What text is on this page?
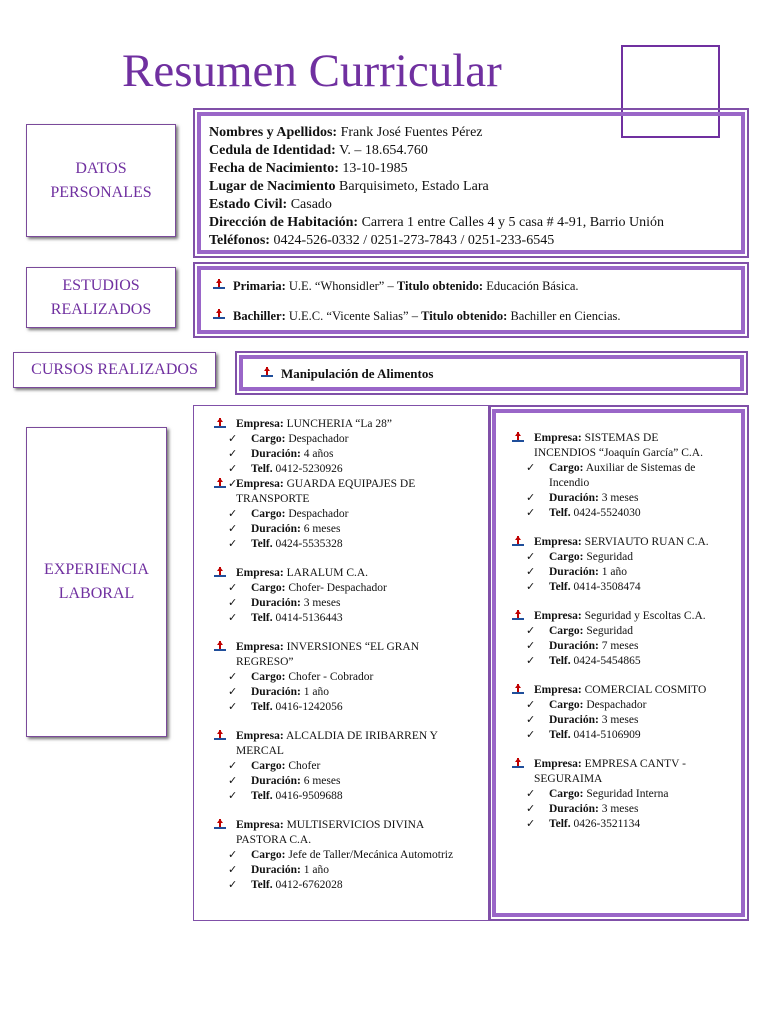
Resumen Curricular
DATOS
PERSONALES
Nombres y Apellidos: Frank José Fuentes Pérez
Cedula de Identidad: V. – 18.654.760
Fecha de Nacimiento: 13-10-1985
Lugar de Nacimiento Barquisimeto, Estado Lara
Estado Civil: Casado
Dirección de Habitación: Carrera 1 entre Calles 4 y 5 casa # 4-91, Barrio Unión
Teléfonos: 0424-526-0332 / 0251-273-7843 / 0251-233-6545
ESTUDIOS
REALIZADOS
Primaria: U.E. “Whonsidler” – Titulo obtenido: Educación Básica.
Bachiller: U.E.C. “Vicente Salias” – Titulo obtenido: Bachiller en Ciencias.
CURSOS REALIZADOS	Manipulación de Alimentos
EXPERIENCIA
LABORAL
Empresa: LUNCHERIA “La 28”
✓ Cargo: Despachador
✓ Duración: 4 años
✓ Telf. 0412-5230926
✓
Empresa: GUARDA EQUIPAJES DE
TRANSPORTE
✓ Cargo: Despachador
✓ Duración: 6 meses
✓ Telf. 0424-5535328
Empresa: LARALUM C.A.
✓ Cargo: Chofer- Despachador
✓ Duración: 3 meses
✓ Telf. 0414-5136443
Empresa: INVERSIONES “EL GRAN
REGRESO”
✓ Cargo: Chofer - Cobrador
✓ Duración: 1 año
✓ Telf. 0416-1242056
Empresa: ALCALDIA DE IRIBARREN Y
MERCAL
✓ Cargo: Chofer
✓ Duración: 6 meses
✓ Telf. 0416-9509688
Empresa: MULTISERVICIOS DIVINA
PASTORA C.A.
✓ Cargo: Jefe de Taller/Mecánica Automotriz
✓ Duración: 1 año
✓ Telf. 0412-6762028
Empresa: SISTEMAS DE
INCENDIOS “Joaquín García” C.A.
✓ Cargo: Auxiliar de Sistemas de
Incendio
✓ Duración: 3 meses
✓ Telf. 0424-5524030
Empresa: SERVIAUTO RUAN C.A.
✓ Cargo: Seguridad
✓ Duración: 1 año
✓ Telf. 0414-3508474
Empresa: Seguridad y Escoltas C.A.
✓ Cargo: Seguridad
✓ Duración: 7 meses
✓ Telf. 0424-5454865
Empresa: COMERCIAL COSMITO
✓ Cargo: Despachador
✓ Duración: 3 meses
✓ Telf. 0414-5106909
Empresa: EMPRESA CANTV -
SEGURAIMA
✓ Cargo: Seguridad Interna
✓ Duración: 3 meses
✓ Telf. 0426-3521134
